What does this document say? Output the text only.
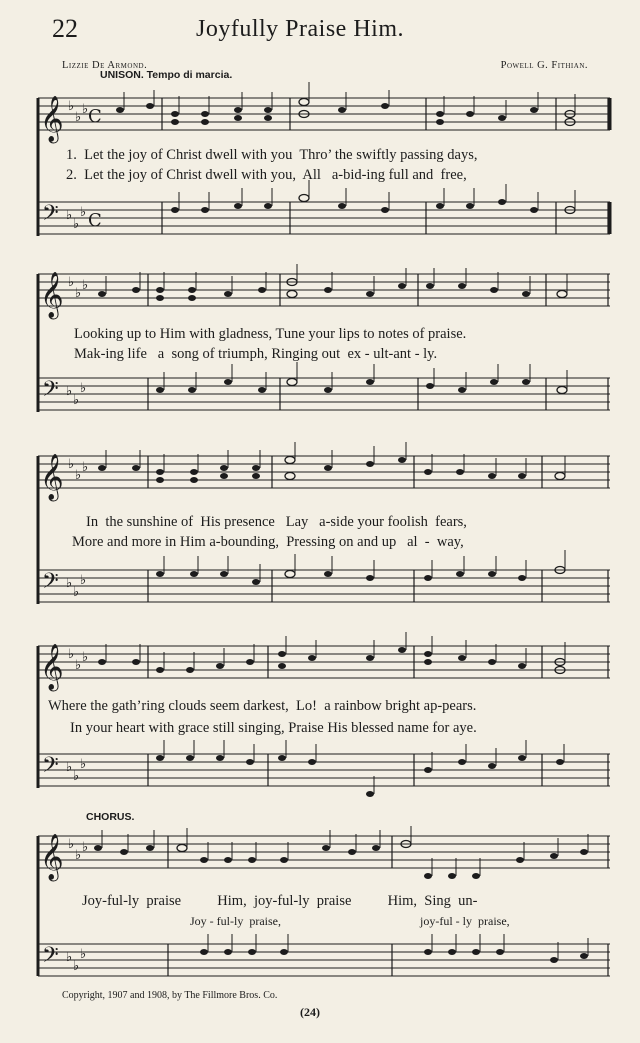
22	Joyfully Praise Him.
Lizzie De Armond.	Powell G. Fithian.
UNISON. Tempo di marcia.
𝄞 ♭
♭
♭ C
𝄢 ♭
♭
♭ C
1.  Let the joy of Christ dwell with you  Thro’ the swiftly passing days,
2.  Let the joy of Christ dwell with you,  All   a-bid-ing full and  free,
𝄞 ♭
♭
♭
𝄢 ♭
♭
♭
Looking up to Him with gladness, Tune your lips to notes of praise.
Mak-ing life   a  song of triumph, Ringing out  ex - ult-ant - ly.
𝄞 ♭
♭
♭
𝄢 ♭
♭
♭
In  the sunshine of  His presence   Lay   a-side your foolish  fears,
More and more in Him a-bounding,  Pressing on and up   al  -  way,
𝄞 ♭
♭
♭
𝄢 ♭
♭
♭
Where the gath’ring clouds seem darkest,  Lo!  a rainbow bright ap-pears.
In your heart with grace still singing, Praise His blessed name for aye.
CHORUS.
𝄞 ♭
♭
♭
𝄢 ♭
♭
♭
Joy-ful-ly  praise          Him,  joy-ful-ly  praise          Him,  Sing  un-
Joy - ful-ly  praise,	joy-ful - ly  praise,
Copyright, 1907 and 1908, by The Fillmore Bros. Co.
(24)
